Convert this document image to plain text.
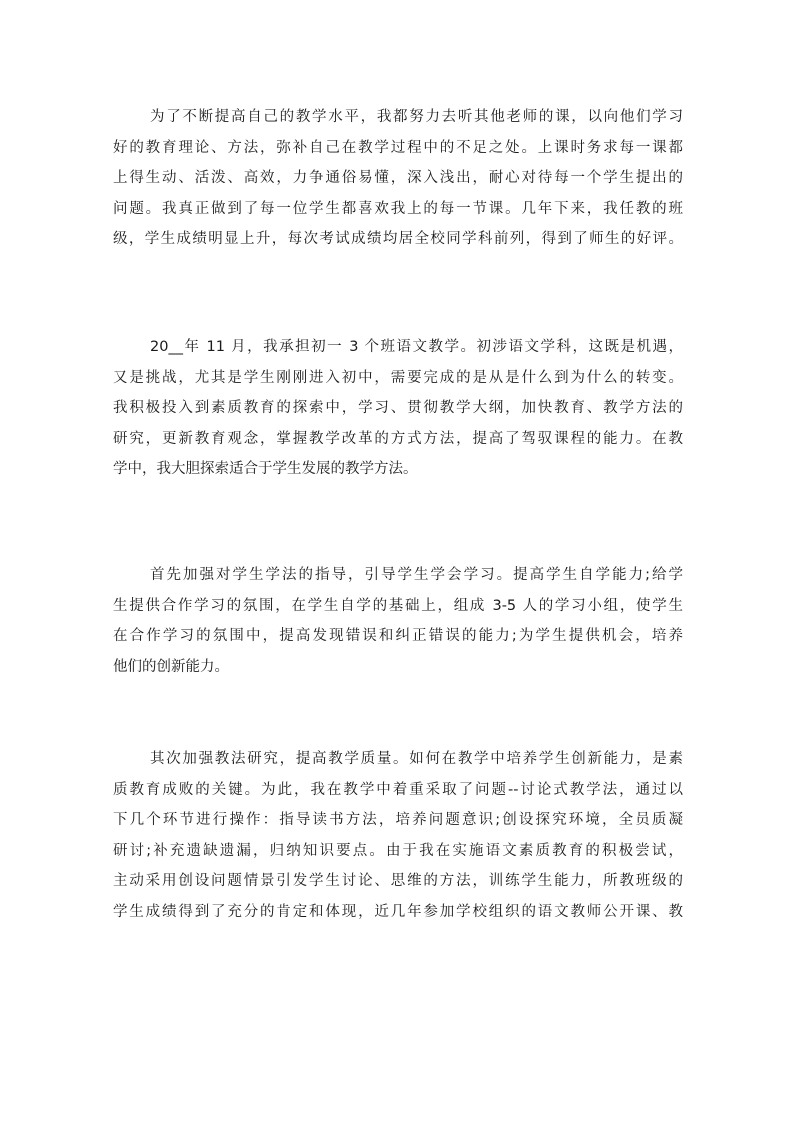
为了不断提高自己的教学水平，我都努力去听其他老师的课，以向他们学习
好的教育理论、方法，弥补自己在教学过程中的不足之处。上课时务求每一课都
上得生动、活泼、高效，力争通俗易懂，深入浅出，耐心对待每一个学生提出的
问题。我真正做到了每一位学生都喜欢我上的每一节课。几年下来，我任教的班
级，学生成绩明显上升，每次考试成绩均居全校同学科前列，得到了师生的好评。
20__年 11 月，我承担初一 3 个班语文教学。初涉语文学科，这既是机遇，
又是挑战，尤其是学生刚刚进入初中，需要完成的是从是什么到为什么的转变。
我积极投入到素质教育的探索中，学习、贯彻教学大纲，加快教育、教学方法的
研究，更新教育观念，掌握教学改革的方式方法，提高了驾驭课程的能力。在教
学中，我大胆探索适合于学生发展的教学方法。
首先加强对学生学法的指导，引导学生学会学习。提高学生自学能力;给学
生提供合作学习的氛围，在学生自学的基础上，组成 3-5 人的学习小组，使学生
在合作学习的氛围中，提高发现错误和纠正错误的能力;为学生提供机会，培养
他们的创新能力。
其次加强教法研究，提高教学质量。如何在教学中培养学生创新能力，是素
质教育成败的关键。为此，我在教学中着重采取了问题--讨论式教学法，通过以
下几个环节进行操作：指导读书方法，培养问题意识;创设探究环境，全员质凝
研讨;补充遗缺遗漏，归纳知识要点。由于我在实施语文素质教育的积极尝试，
主动采用创设问题情景引发学生讨论、思维的方法，训练学生能力，所教班级的
学生成绩得到了充分的肯定和体现，近几年参加学校组织的语文教师公开课、教
